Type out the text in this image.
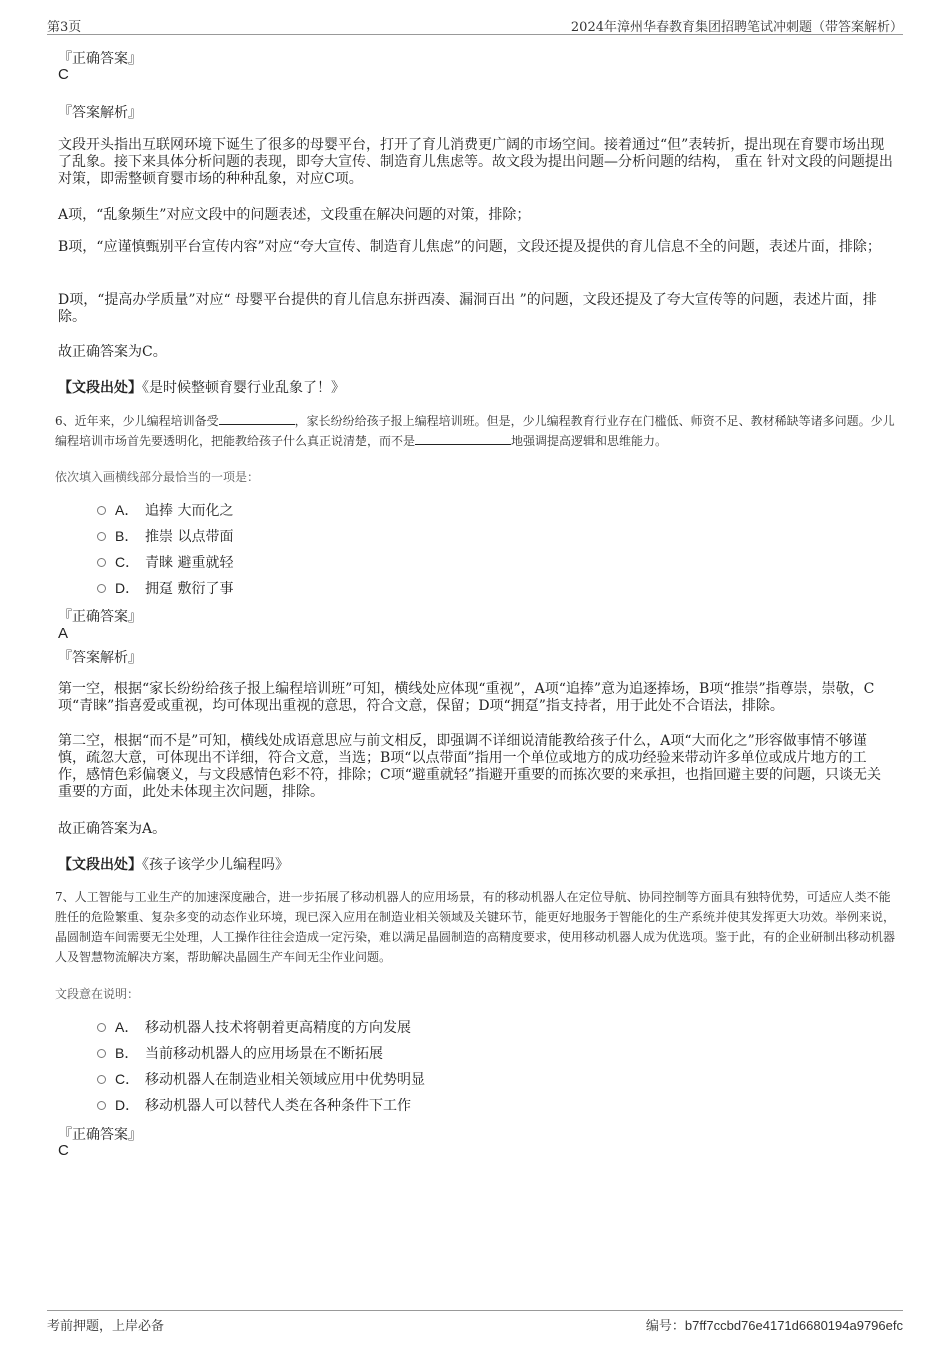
第3页	2024年漳州华春教育集团招聘笔试冲刺题（带答案解析）
『正确答案』
C
『答案解析』
文段开头指出互联网环境下诞生了很多的母婴平台，打开了育儿消费更广阔的市场空间。接着通过“但”表转折，提出现在育婴市场出现了乱象。接下来具体分析问题的表现，即夸大宣传、制造育儿焦虑等。故文段为提出问题—分析问题的结构， 重在 针对文段的问题提出对策，即需整顿育婴市场的种种乱象，对应C项。
A项，“乱象频生”对应文段中的问题表述，文段重在解决问题的对策，排除；
B项，“应谨慎甄别平台宣传内容”对应“夸大宣传、制造育儿焦虑”的问题，文段还提及提供的育儿信息不全的问题，表述片面，排除；
D项，“提高办学质量”对应“ 母婴平台提供的育儿信息东拼西凑、漏洞百出 ”的问题，文段还提及了夸大宣传等的问题，表述片面，排除。
故正确答案为C。
【文段出处】《是时候整顿育婴行业乱象了！》
6、近年来，少儿编程培训备受	，家长纷纷给孩子报上编程培训班。但是，少儿编程教育行业存在门槛低、师资不足、教材稀缺等诸多问题。少儿编程培训市场首先要透明化，把能教给孩子什么真正说清楚，而不是	地强调提高逻辑和思维能力。
依次填入画横线部分最恰当的一项是：
A． 追捧 大而化之
B． 推崇 以点带面
C． 青睐 避重就轻
D． 拥趸 敷衍了事
『正确答案』
A
『答案解析』
第一空，根据“家长纷纷给孩子报上编程培训班”可知，横线处应体现“重视”，A项“追捧”意为追逐捧场，B项“推崇”指尊崇，崇敬，C项“青睐”指喜爱或重视，均可体现出重视的意思，符合文意，保留；D项“拥趸”指支持者，用于此处不合语法，排除。
第二空，根据“而不是”可知，横线处成语意思应与前文相反，即强调不详细说清能教给孩子什么，A项“大而化之”形容做事情不够谨慎，疏忽大意，可体现出不详细，符合文意，当选；B项“以点带面”指用一个单位或地方的成功经验来带动许多单位或成片地方的工作，感情色彩偏褒义，与文段感情色彩不符，排除；C项“避重就轻”指避开重要的而拣次要的来承担，也指回避主要的问题，只谈无关重要的方面，此处未体现主次问题，排除。
故正确答案为A。
【文段出处】《孩子该学少儿编程吗》
7、人工智能与工业生产的加速深度融合，进一步拓展了移动机器人的应用场景，有的移动机器人在定位导航、协同控制等方面具有独特优势，可适应人类不能胜任的危险繁重、复杂多变的动态作业环境，现已深入应用在制造业相关领域及关键环节，能更好地服务于智能化的生产系统并使其发挥更大功效。举例来说，晶圆制造车间需要无尘处理，人工操作往往会造成一定污染，难以满足晶圆制造的高精度要求，使用移动机器人成为优选项。鉴于此，有的企业研制出移动机器人及智慧物流解决方案，帮助解决晶圆生产车间无尘作业问题。
文段意在说明：
A． 移动机器人技术将朝着更高精度的方向发展
B． 当前移动机器人的应用场景在不断拓展
C． 移动机器人在制造业相关领域应用中优势明显
D． 移动机器人可以替代人类在各种条件下工作
『正确答案』
C
考前押题，上岸必备	编号：b7ff7ccbd76e4171d6680194a9796efc
